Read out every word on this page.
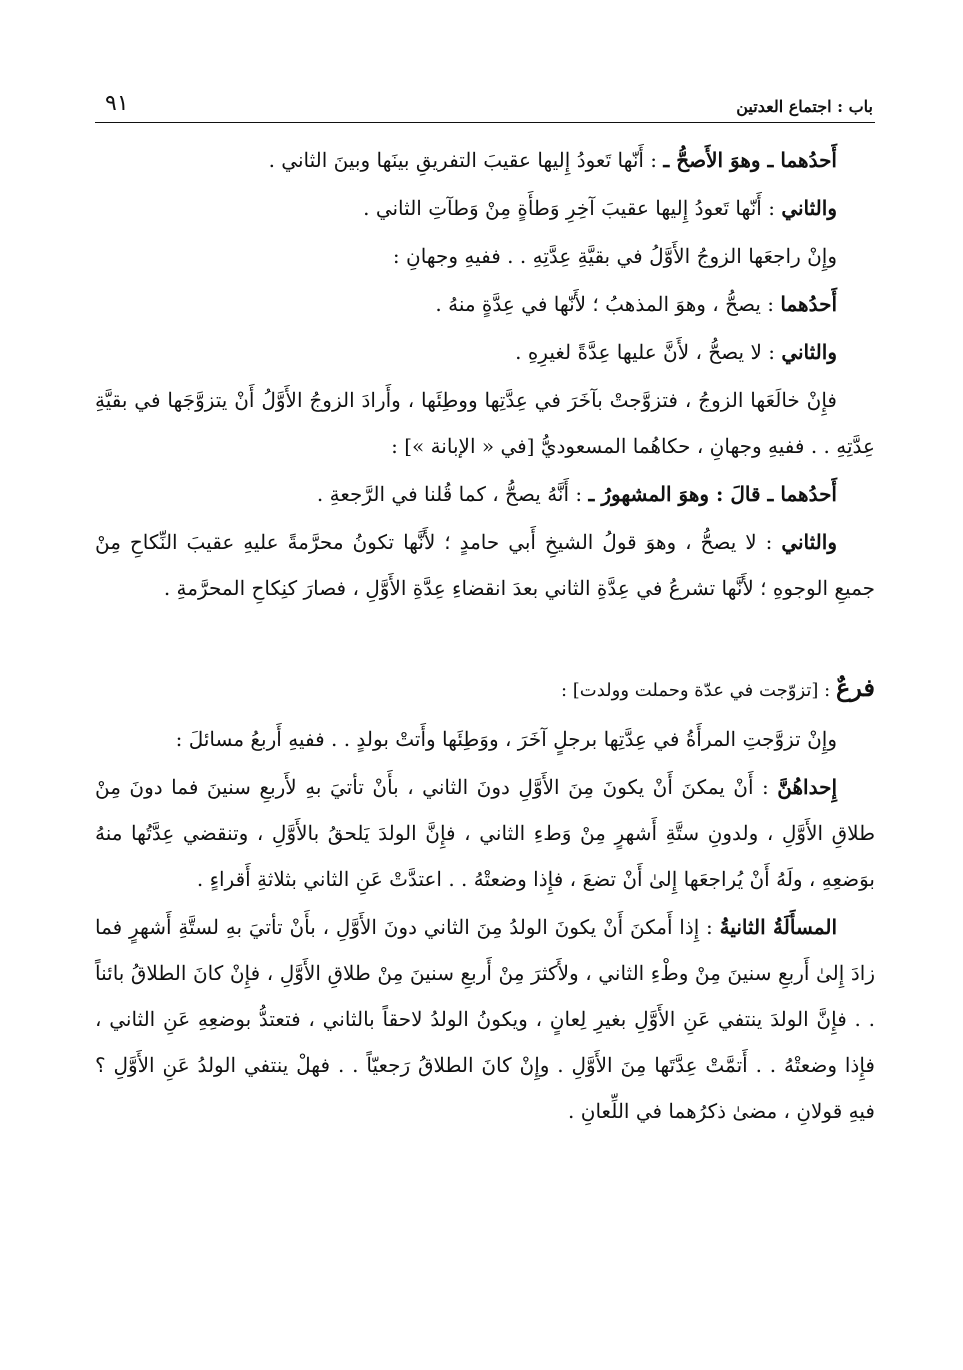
باب : اجتماع العدتين
٩١

أَحدُهما ـ وهوَ الأَصحُّ ـ : أَنّها تَعودُ إِليها عقيبَ التفريقِ بينَها وبينَ الثاني .

والثاني : أَنّها تَعودُ إِليها عقيبَ آخِرِ وَطأَةٍ مِنْ وَطآتِ الثاني .

وإِنْ راجعَها الزوجُ الأَوَّلُ في بقيَّةِ عِدَّتِهِ . . ففيهِ وجهانِ :

أَحدُهما : يصحُّ ، وهوَ المذهبُ ؛ لأَنّها في عِدَّةٍ منهُ .

والثاني : لا يصحُّ ، لأَنَّ عليها عِدَّةً لغيرِهِ .

فإِنْ خالَعَها الزوجُ ، فتزوَّجتْ بآخَرَ في عِدَّتِها ووطِئَها ، وأَرادَ الزوجُ الأَوَّلُ أَنْ يتزوَّجَها في بقيَّةِ عِدَّتِهِ . . ففيهِ وجهانِ ، حكاهُما المسعوديُّ [في « الإبانة »] :

أَحدُهما ـ قالَ : وهوَ المشهورُ ـ : أَنَّهُ يصحُّ ، كما قُلنا في الرَّجعةِ .

والثاني : لا يصحُّ ، وهوَ قولُ الشيخِ أَبي حامدٍ ؛ لأَنَّها تكونُ محرَّمةً عليهِ عقيبَ النِّكاحِ مِنْ جميعِ الوجوهِ ؛ لأَنَّها تشرعُ في عِدَّةِ الثاني بعدَ انقضاءِ عِدَّةِ الأَوَّلِ ، فصارَ كنِكاحِ المحرَّمةِ .

فرعٌ : [تزوّجت في عدّة وحملت وولدت] :

وإِنْ تزوَّجتِ المرأَةُ في عِدَّتِها برجلٍ آخَرَ ، ووَطِئَها وأَتتْ بولدٍ . . ففيهِ أَربعُ مسائلَ :

إِحداهُنَّ : أَنْ يمكنَ أَنْ يكونَ مِنَ الأَوَّلِ دونَ الثاني ، بأَنْ تأتيَ بهِ لأَربعِ سنينَ فما دونَ مِنْ طلاقِ الأَوَّلِ ، ولدونِ ستَّةِ أَشهرٍ مِنْ وَطءِ الثاني ، فإِنَّ الولدَ يَلحقُ بالأَوَّلِ ، وتنقضي عِدَّتُها منهُ بوَضعِهِ ، ولَهُ أَنْ يُراجعَها إِلىٰ أَنْ تضعَ ، فإِذا وضعتْهُ . . اعتدَّتْ عَنِ الثاني بثلاثةِ أَقراءٍ .

المسأَلَةُ الثانيةُ : إِذا أَمكنَ أَنْ يكونَ الولدُ مِنَ الثاني دونَ الأَوَّلِ ، بأَنْ تأتيَ بهِ لستَّةِ أَشهرٍ فما زادَ إِلىٰ أَربعِ سنينَ مِنْ وطْءِ الثاني ، ولأَكثرَ مِنْ أَربعِ سنينَ مِنْ طلاقِ الأَوَّلِ ، فإِنْ كانَ الطلاقُ بائناً . . فإِنَّ الولدَ ينتفي عَنِ الأَوَّلِ بغيرِ لِعانٍ ، ويكونُ الولدُ لاحقاً بالثاني ، فتعتدُّ بوضعِهِ عَنِ الثاني ، فإِذا وضعتْهُ . . أَتمَّتْ عِدَّتَها مِنَ الأَوَّلِ . وإِنْ كانَ الطلاقُ رَجعيّاً . . فهلْ ينتفي الولدُ عَنِ الأَوَّلِ ؟ فيهِ قولانِ ، مضىٰ ذكرُهما في اللِّعانِ .
